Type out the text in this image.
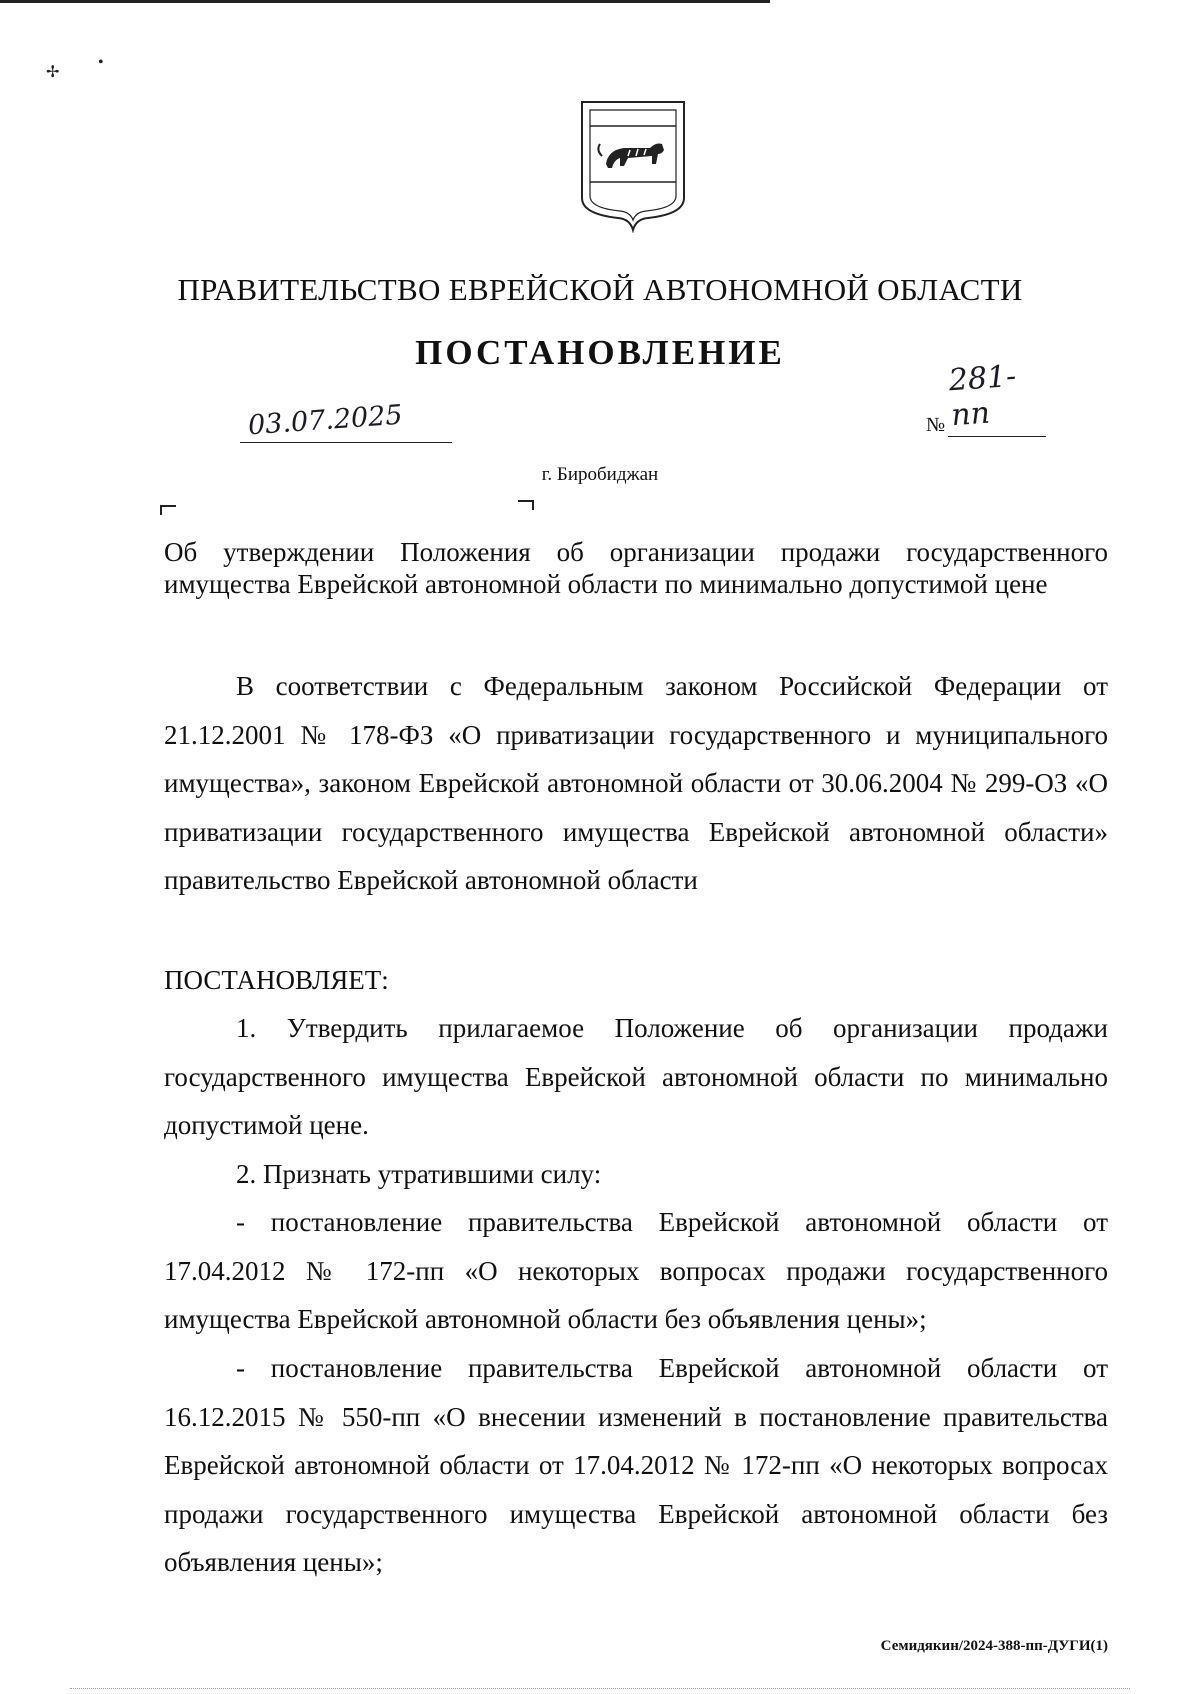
✢
•
ПРАВИТЕЛЬСТВО ЕВРЕЙСКОЙ АВТОНОМНОЙ ОБЛАСТИ
ПОСТАНОВЛЕНИЕ
03.07.2025	№
281-пп
г. Биробиджан
Об утверждении Положения об организации продажи государственного имущества Еврейской автономной области по минимально допустимой цене
В соответствии с Федеральным законом Российской Федерации от 21.12.2001 № 178-ФЗ «О приватизации государственного и муниципального имущества», законом Еврейской автономной области от 30.06.2004 № 299-ОЗ «О приватизации государственного имущества Еврейской автономной области» правительство Еврейской автономной области
ПОСТАНОВЛЯЕТ:
1. Утвердить прилагаемое Положение об организации продажи государственного имущества Еврейской автономной области по минимально допустимой цене.
2. Признать утратившими силу:
- постановление правительства Еврейской автономной области от 17.04.2012 № 172-пп «О некоторых вопросах продажи государственного имущества Еврейской автономной области без объявления цены»;
- постановление правительства Еврейской автономной области от 16.12.2015 № 550-пп «О внесении изменений в постановление правительства Еврейской автономной области от 17.04.2012 № 172-пп «О некоторых вопросах продажи государственного имущества Еврейской автономной области без объявления цены»;
Семидякин/2024-388-пп-ДУГИ(1)
